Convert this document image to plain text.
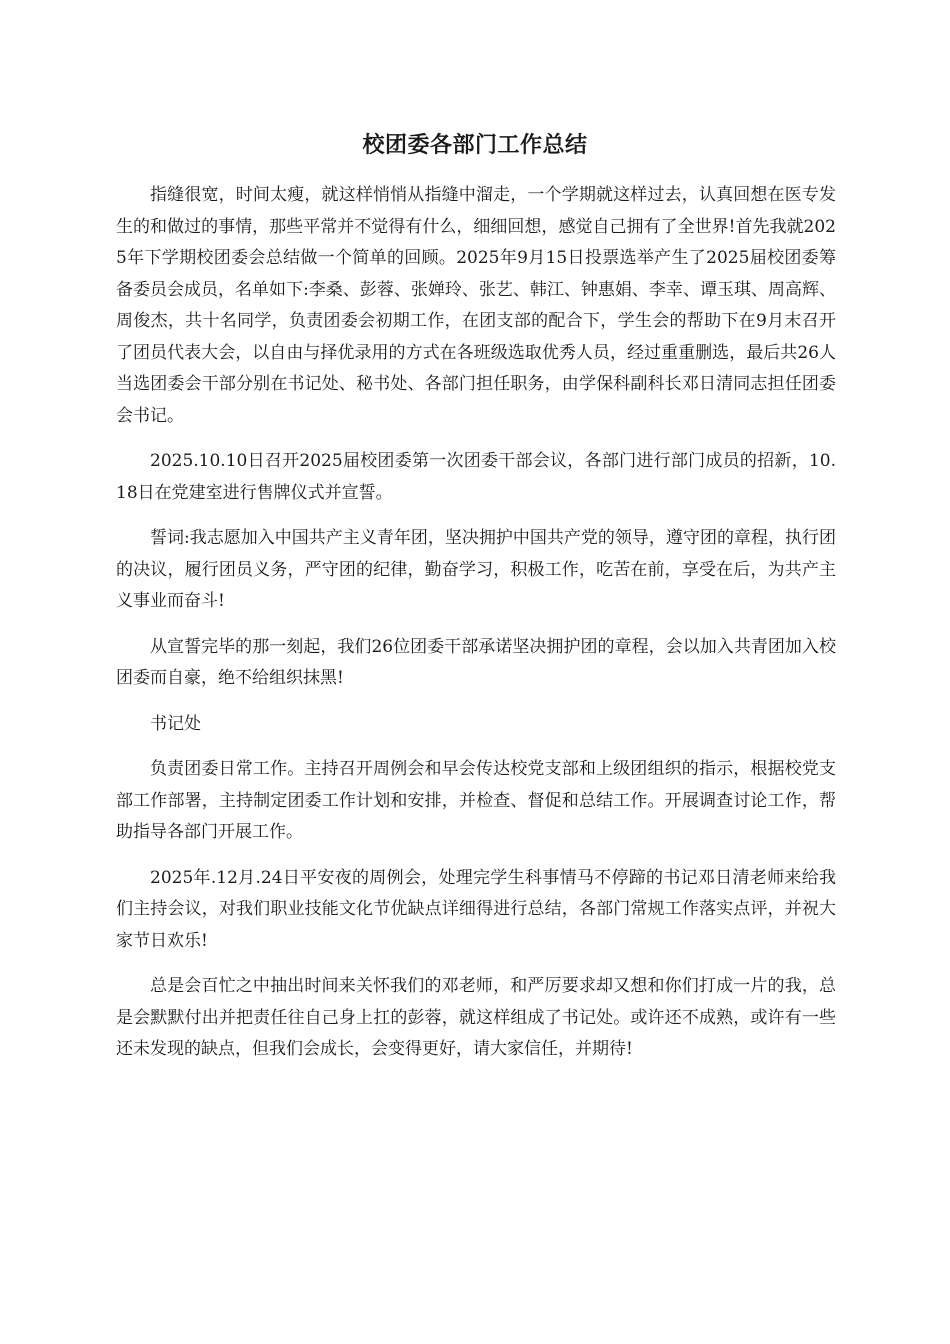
校团委各部门工作总结

指缝很宽，时间太瘦，就这样悄悄从指缝中溜走，一个学期就这样过去，认真回想在医专发生的和做过的事情，那些平常并不觉得有什么，细细回想，感觉自己拥有了全世界!首先我就2025年下学期校团委会总结做一个简单的回顾。2025年9月15日投票选举产生了2025届校团委筹备委员会成员，名单如下:李桑、彭蓉、张婵玲、张艺、韩江、钟惠娟、李幸、谭玉琪、周高辉、周俊杰，共十名同学，负责团委会初期工作，在团支部的配合下，学生会的帮助下在9月末召开了团员代表大会，以自由与择优录用的方式在各班级选取优秀人员，经过重重删选，最后共26人当选团委会干部分别在书记处、秘书处、各部门担任职务，由学保科副科长邓日清同志担任团委会书记。

2025.10.10日召开2025届校团委第一次团委干部会议，各部门进行部门成员的招新，10.18日在党建室进行售牌仪式并宣誓。

誓词:我志愿加入中国共产主义青年团，坚决拥护中国共产党的领导，遵守团的章程，执行团的决议，履行团员义务，严守团的纪律，勤奋学习，积极工作，吃苦在前，享受在后，为共产主义事业而奋斗!

从宣誓完毕的那一刻起，我们26位团委干部承诺坚决拥护团的章程，会以加入共青团加入校团委而自豪，绝不给组织抹黑!

书记处

负责团委日常工作。主持召开周例会和早会传达校党支部和上级团组织的指示，根据校党支部工作部署，主持制定团委工作计划和安排，并检查、督促和总结工作。开展调查讨论工作，帮助指导各部门开展工作。

2025年.12月.24日平安夜的周例会，处理完学生科事情马不停蹄的书记邓日清老师来给我们主持会议，对我们职业技能文化节优缺点详细得进行总结，各部门常规工作落实点评，并祝大家节日欢乐!

总是会百忙之中抽出时间来关怀我们的邓老师，和严厉要求却又想和你们打成一片的我，总是会默默付出并把责任往自己身上扛的彭蓉，就这样组成了书记处。或许还不成熟，或许有一些还未发现的缺点，但我们会成长，会变得更好，请大家信任，并期待!
